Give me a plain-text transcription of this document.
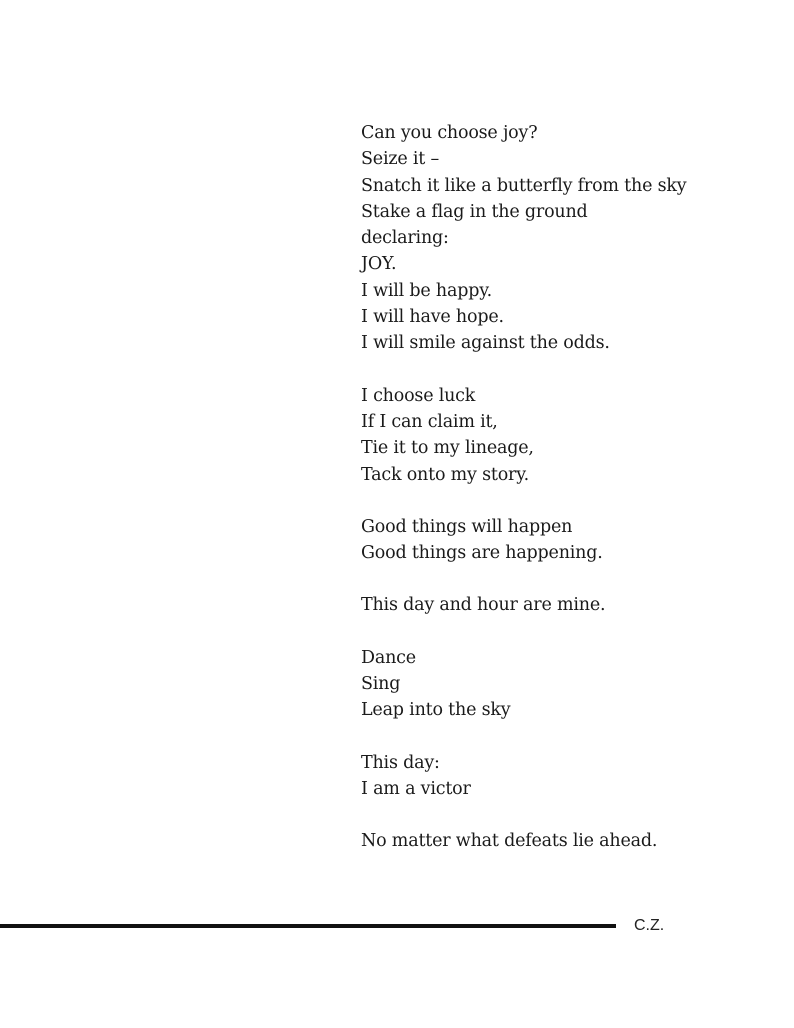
Can you choose joy?
Seize it –
Snatch it like a butterfly from the sky
Stake a flag in the ground
declaring:
JOY.
I will be happy.
I will have hope.
I will smile against the odds.
I choose luck
If I can claim it,
Tie it to my lineage,
Tack onto my story.
Good things will happen
Good things are happening.
This day and hour are mine.
Dance
Sing
Leap into the sky
This day:
I am a victor
No matter what defeats lie ahead.
C.Z.
